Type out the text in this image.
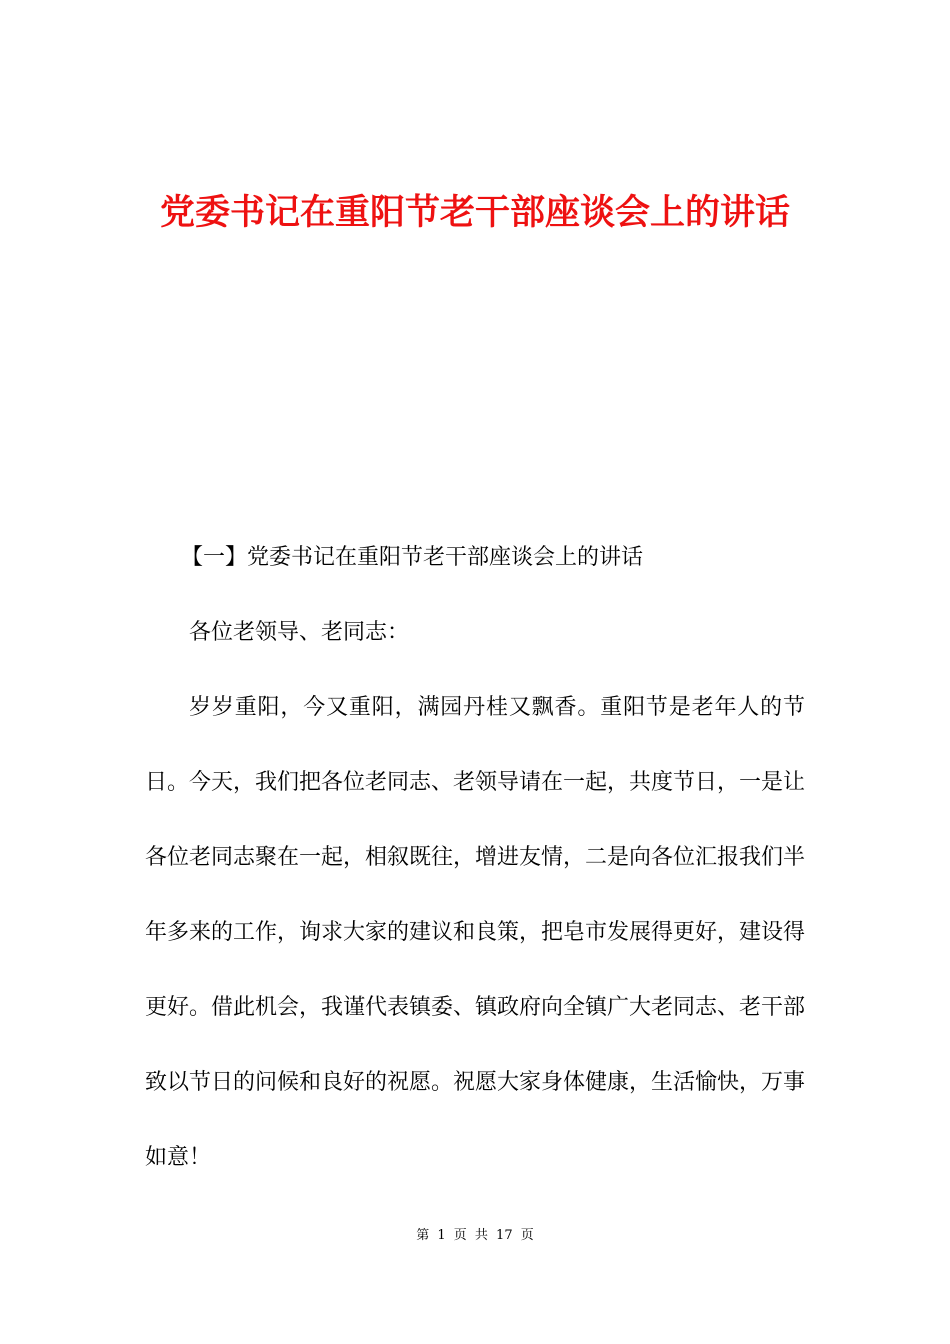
党委书记在重阳节老干部座谈会上的讲话

【一】党委书记在重阳节老干部座谈会上的讲话

各位老领导、老同志：

岁岁重阳，今又重阳，满园丹桂又飘香。重阳节是老年人的节日。今天，我们把各位老同志、老领导请在一起，共度节日，一是让各位老同志聚在一起，相叙既往，增进友情，二是向各位汇报我们半年多来的工作，询求大家的建议和良策，把皂市发展得更好，建设得更好。借此机会，我谨代表镇委、镇政府向全镇广大老同志、老干部致以节日的问候和良好的祝愿。祝愿大家身体健康，生活愉快，万事如意！

第 1 页 共 17 页
